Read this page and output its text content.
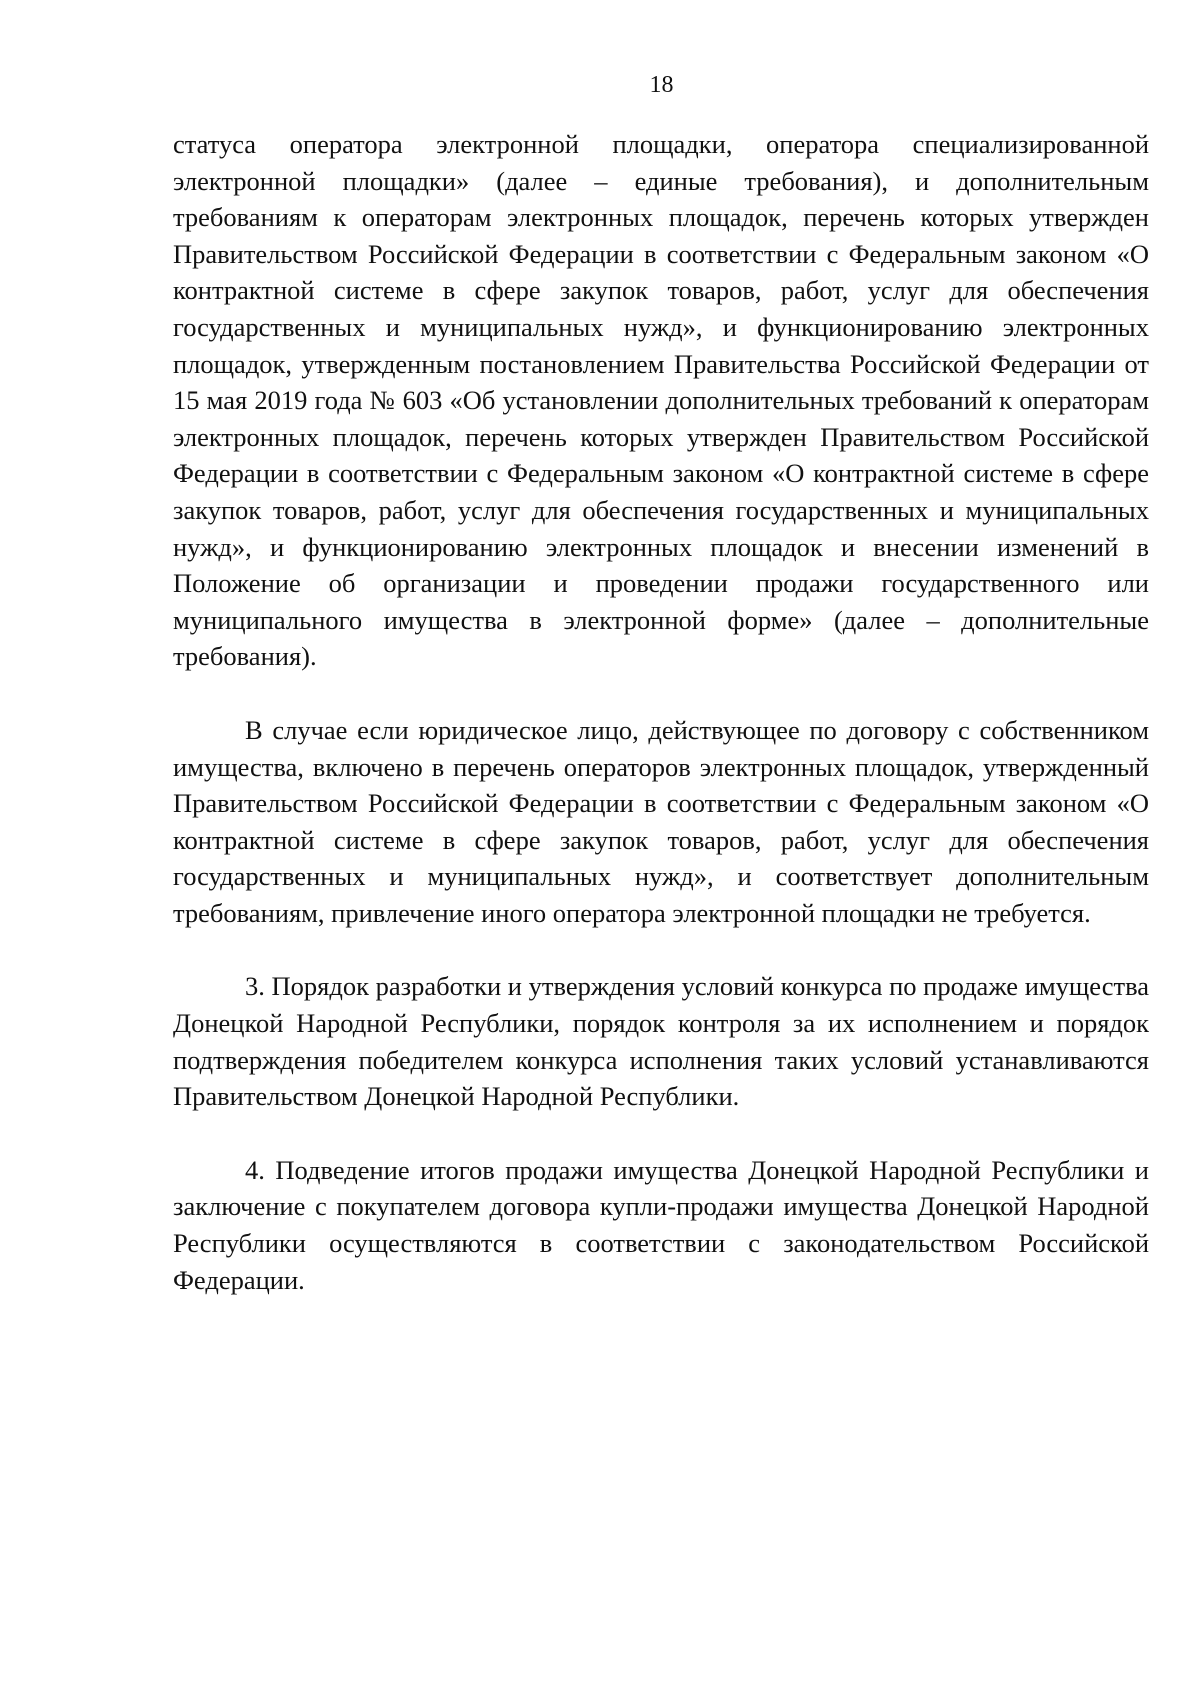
18

статуса оператора электронной площадки, оператора специализированной электронной площадки» (далее – единые требования), и дополнительным требованиям к операторам электронных площадок, перечень которых утвержден Правительством Российской Федерации в соответствии с Федеральным законом «О контрактной системе в сфере закупок товаров, работ, услуг для обеспечения государственных и муниципальных нужд», и функционированию электронных площадок, утвержденным постановлением Правительства Российской Федерации от 15 мая 2019 года № 603 «Об установлении дополнительных требований к операторам электронных площадок, перечень которых утвержден Правительством Российской Федерации в соответствии с Федеральным законом «О контрактной системе в сфере закупок товаров, работ, услуг для обеспечения государственных и муниципальных нужд», и функционированию электронных площадок и внесении изменений в Положение об организации и проведении продажи государственного или муниципального имущества в электронной форме» (далее – дополнительные требования).

В случае если юридическое лицо, действующее по договору с собственником имущества, включено в перечень операторов электронных площадок, утвержденный Правительством Российской Федерации в соответствии с Федеральным законом «О контрактной системе в сфере закупок товаров, работ, услуг для обеспечения государственных и муниципальных нужд», и соответствует дополнительным требованиям, привлечение иного оператора электронной площадки не требуется.

3. Порядок разработки и утверждения условий конкурса по продаже имущества Донецкой Народной Республики, порядок контроля за их исполнением и порядок подтверждения победителем конкурса исполнения таких условий устанавливаются Правительством Донецкой Народной Республики.

4. Подведение итогов продажи имущества Донецкой Народной Республики и заключение с покупателем договора купли-продажи имущества Донецкой Народной Республики осуществляются в соответствии с законодательством Российской Федерации.
